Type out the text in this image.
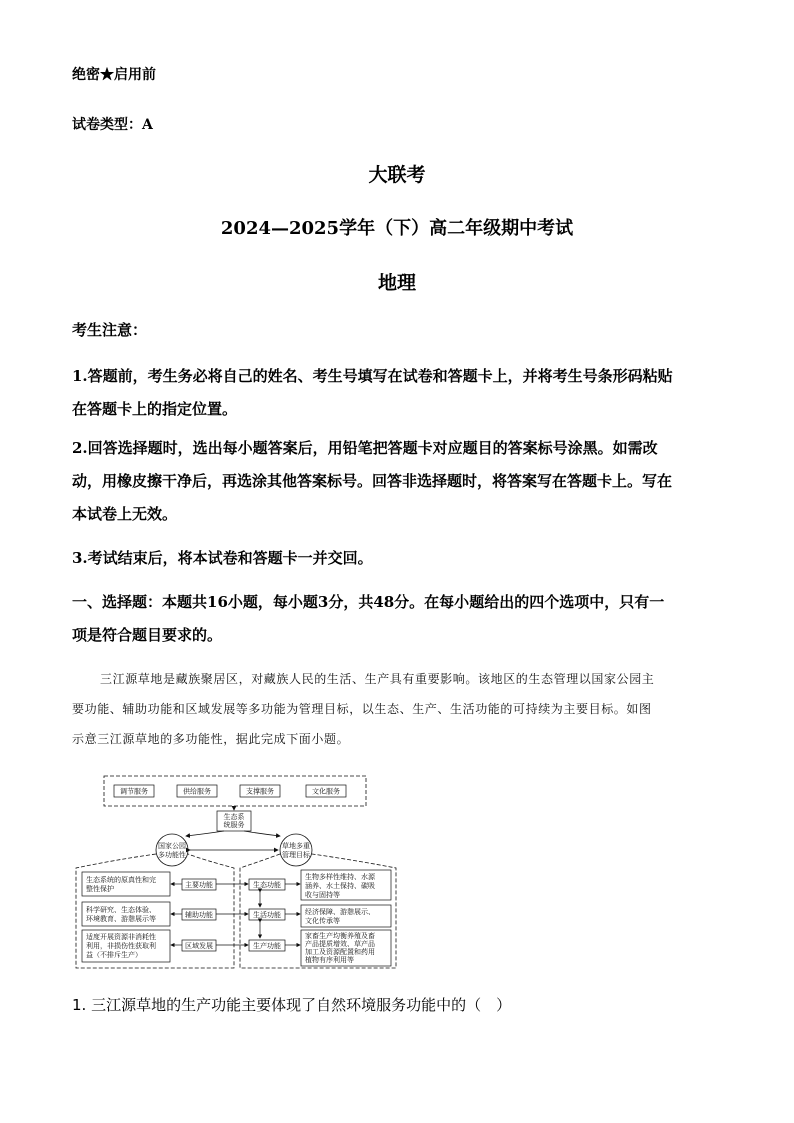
绝密★启用前

试卷类型：A

大联考

2024—2025学年（下）高二年级期中考试

地理

考生注意：

1.答题前，考生务必将自己的姓名、考生号填写在试卷和答题卡上，并将考生号条形码粘贴

在答题卡上的指定位置。

2.回答选择题时，选出每小题答案后，用铅笔把答题卡对应题目的答案标号涂黑。如需改

动，用橡皮擦干净后，再选涂其他答案标号。回答非选择题时，将答案写在答题卡上。写在

本试卷上无效。

3.考试结束后，将本试卷和答题卡一并交回。

一、选择题：本题共16小题，每小题3分，共48分。在每小题给出的四个选项中，只有一

项是符合题目要求的。

三江源草地是藏族聚居区，对藏族人民的生活、生产具有重要影响。该地区的生态管理以国家公园主

要功能、辅助功能和区域发展等多功能为管理目标，以生态、生产、生活功能的可持续为主要目标。如图

示意三江源草地的多功能性，据此完成下面小题。

调节服务	供给服务	支撑服务	文化服务
生态系
统服务
国家公园
多功能性
草地多重
管理目标
生态系统的原真性和完
整性保护
科学研究、生态体验、
环境教育、游憩展示等
适度开展资源非消耗性
利用，非损伤性获取利
益（不排斥生产）
主要功能
辅助功能
区域发展
生态功能
生活功能
生产功能
生物多样性维持、水源
涵养、水土保持、碳吸
收与固持等
经济保障、游憩展示、
文化传承等
家畜生产均衡养殖及畜
产品提质增效、草产品
加工及资源配置和药用
植物有序利用等

1. 三江源草地的生产功能主要体现了自然环境服务功能中的（　）
